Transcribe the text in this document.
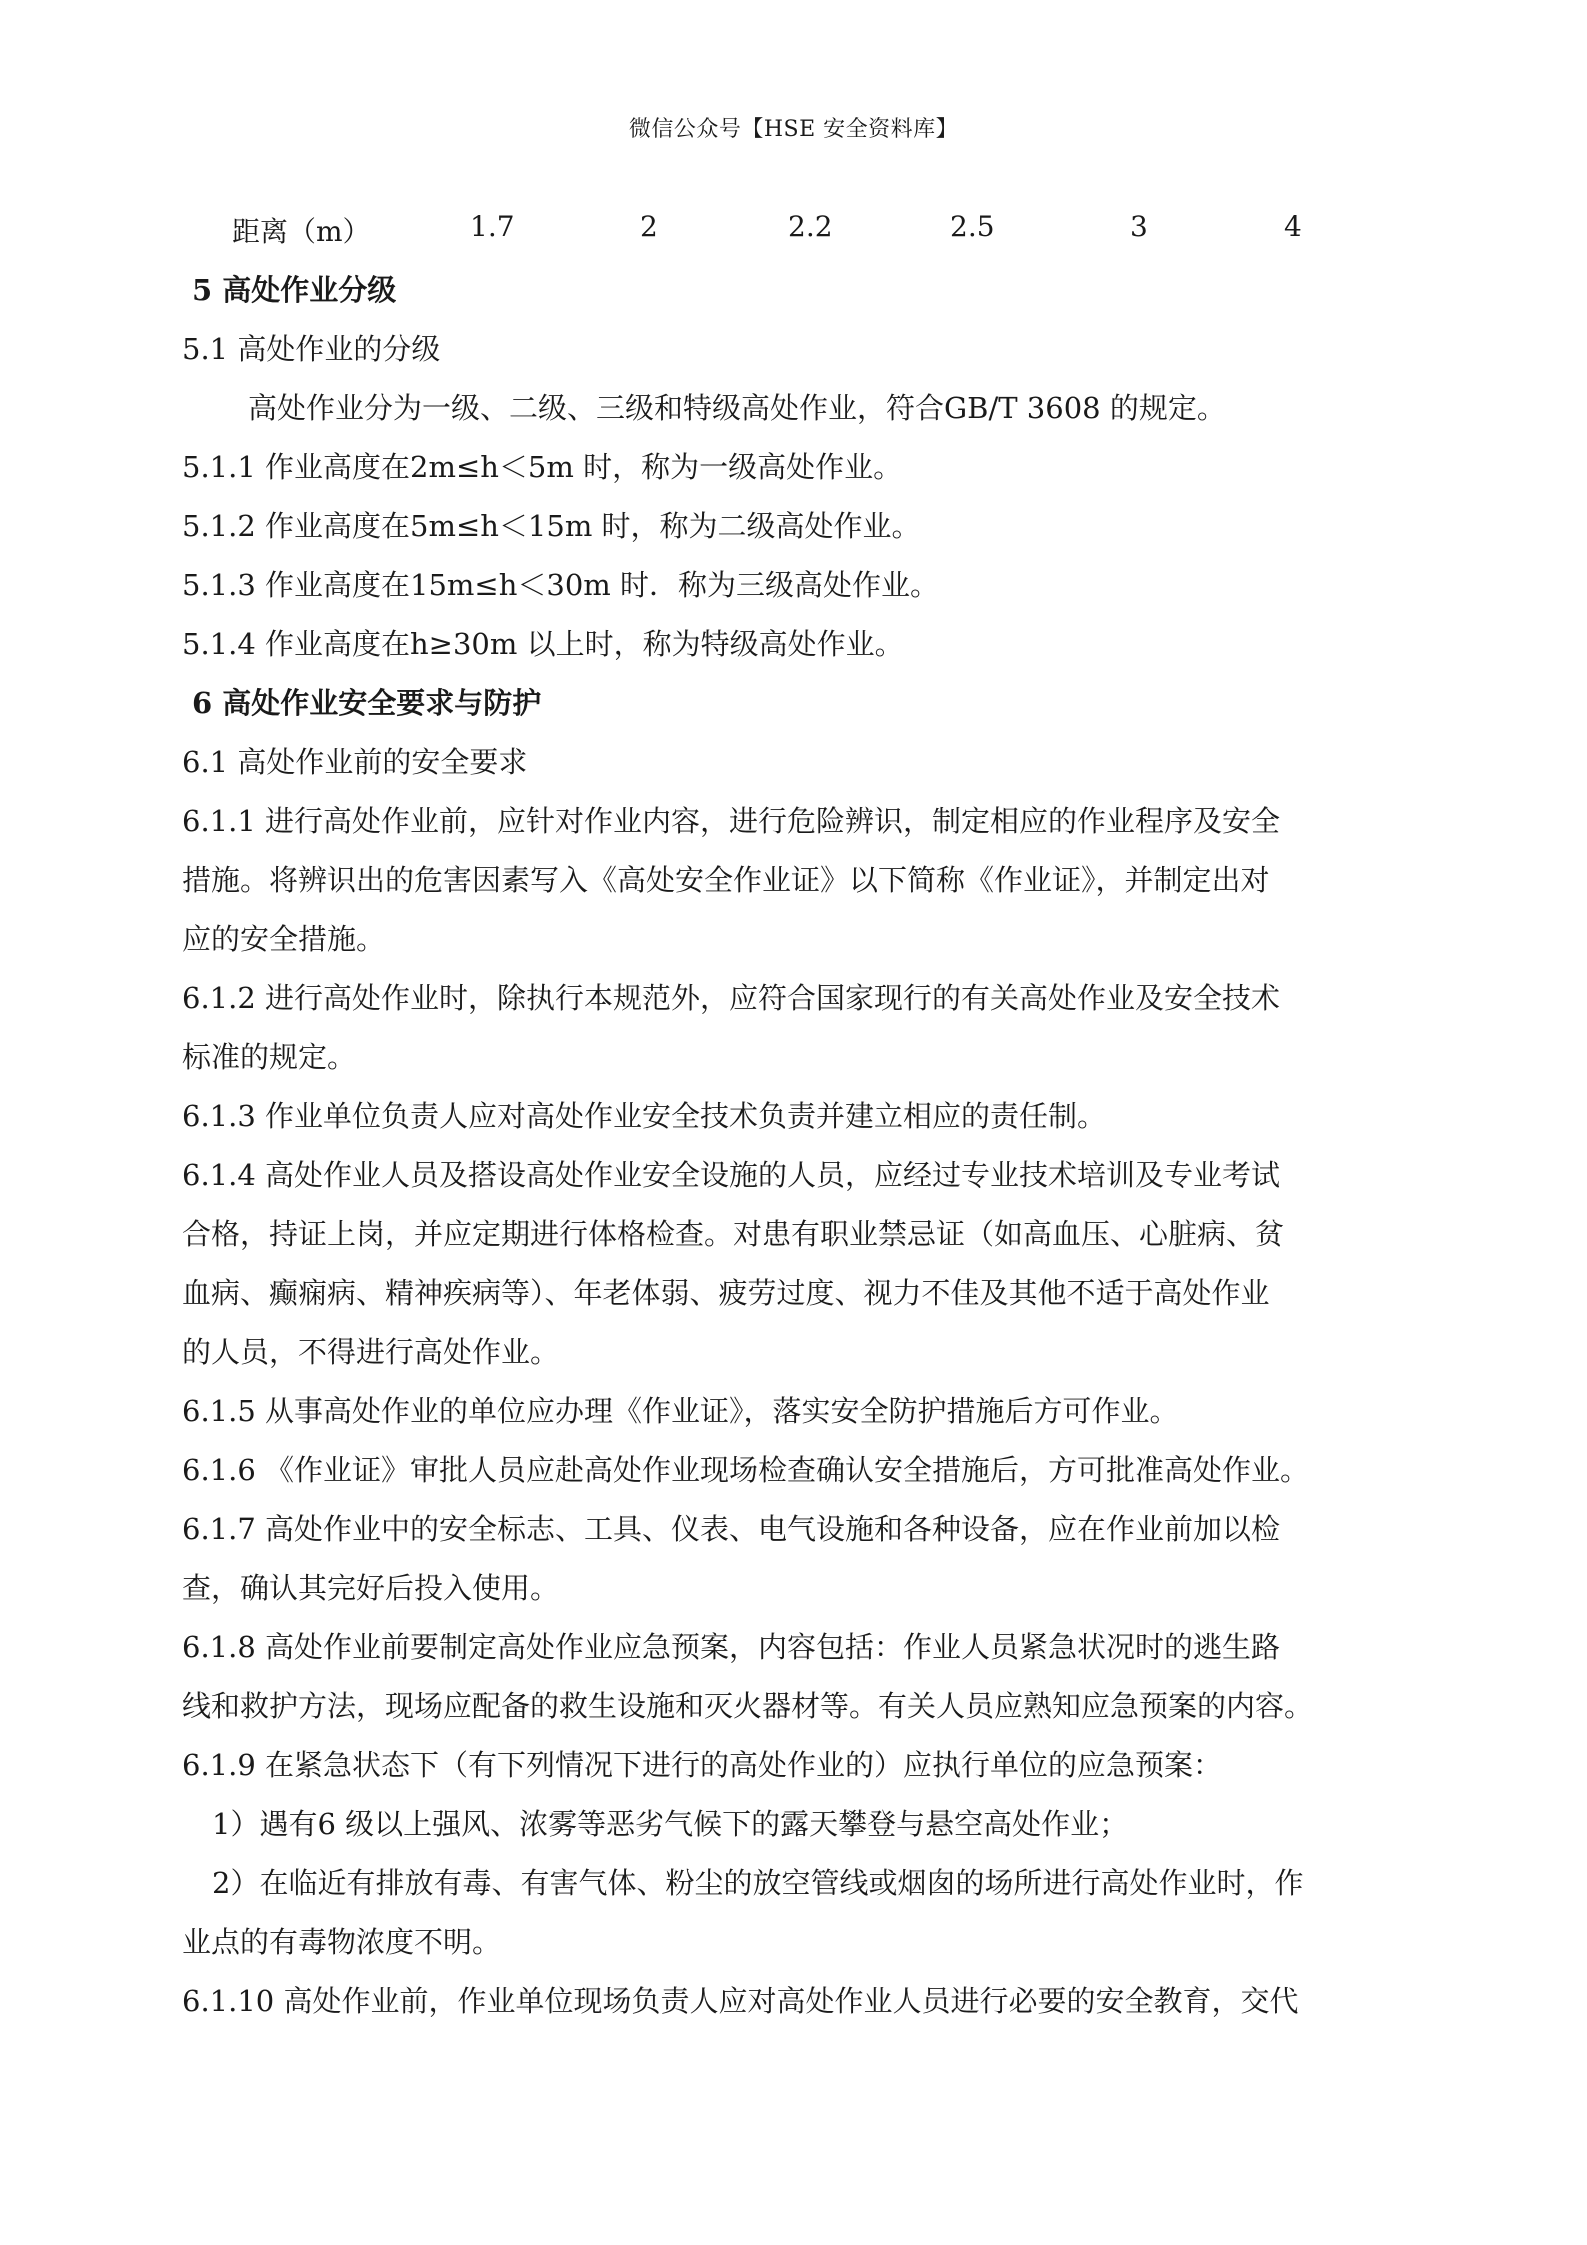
微信公众号【HSE 安全资料库】
距离（m）	1.7	2	2.2	2.5	3	4
5 高处作业分级
5.1 高处作业的分级
高处作业分为一级、二级、三级和特级高处作业，符合GB/T 3608 的规定。
5.1.1 作业高度在2m≤h＜5m 时，称为一级高处作业。
5.1.2 作业高度在5m≤h＜15m 时，称为二级高处作业。
5.1.3 作业高度在15m≤h＜30m 时．称为三级高处作业。
5.1.4 作业高度在h≥30m 以上时，称为特级高处作业。
6 高处作业安全要求与防护
6.1 高处作业前的安全要求
6.1.1 进行高处作业前，应针对作业内容，进行危险辨识，制定相应的作业程序及安全
措施。将辨识出的危害因素写入《高处安全作业证》以下简称《作业证》，并制定出对
应的安全措施。
6.1.2 进行高处作业时，除执行本规范外，应符合国家现行的有关高处作业及安全技术
标准的规定。
6.1.3 作业单位负责人应对高处作业安全技术负责并建立相应的责任制。
6.1.4 高处作业人员及搭设高处作业安全设施的人员，应经过专业技术培训及专业考试
合格，持证上岗，并应定期进行体格检查。对患有职业禁忌证（如高血压、心脏病、贫
血病、癫痫病、精神疾病等）、年老体弱、疲劳过度、视力不佳及其他不适于高处作业
的人员，不得进行高处作业。
6.1.5 从事高处作业的单位应办理《作业证》，落实安全防护措施后方可作业。
6.1.6 《作业证》审批人员应赴高处作业现场检查确认安全措施后，方可批准高处作业。
6.1.7 高处作业中的安全标志、工具、仪表、电气设施和各种设备，应在作业前加以检
查，确认其完好后投入使用。
6.1.8 高处作业前要制定高处作业应急预案，内容包括：作业人员紧急状况时的逃生路
线和救护方法，现场应配备的救生设施和灭火器材等。有关人员应熟知应急预案的内容。
6.1.9 在紧急状态下（有下列情况下进行的高处作业的）应执行单位的应急预案：
1）遇有6 级以上强风、浓雾等恶劣气候下的露天攀登与悬空高处作业；
2）在临近有排放有毒、有害气体、粉尘的放空管线或烟囱的场所进行高处作业时，作
业点的有毒物浓度不明。
6.1.10 高处作业前，作业单位现场负责人应对高处作业人员进行必要的安全教育，交代
